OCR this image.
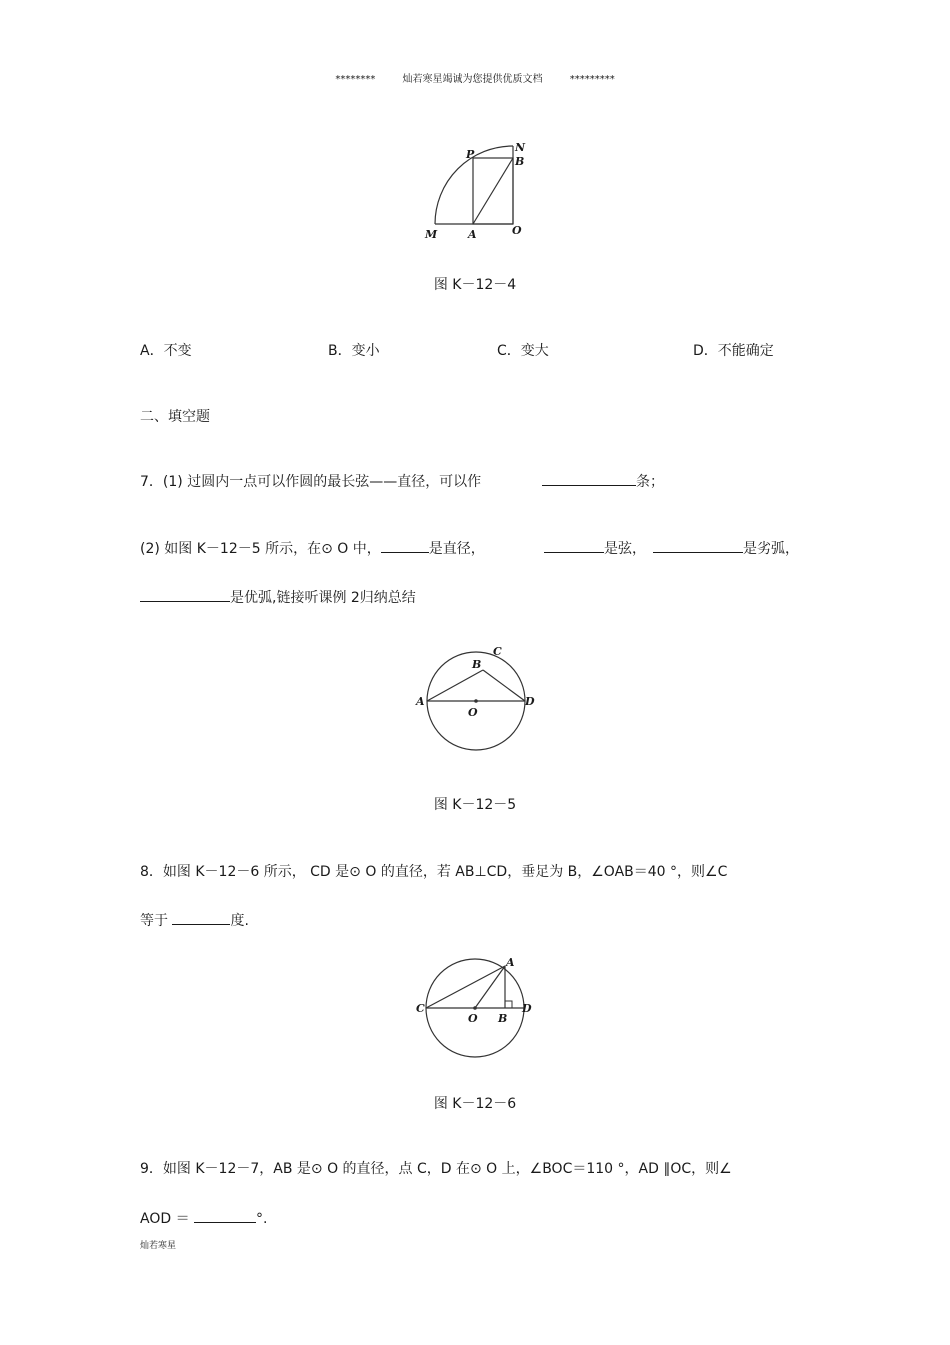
********	灿若寒星竭诚为您提供优质文档	*********
P
N
B
M	A	O
图 K－12－4
A．不变	B．变小	C．变大	D．不能确定
二、填空题
7．(1) 过圆内一点可以作圆的最长弦——直径，可以作	条；
(2) 如图 K－12－5 所示，在⊙ O 中，	是直径，	是弦，	是劣弧，
是优弧,链接听课例 2归纳总结
B
C
A
O
D
图 K－12－5
8．如图 K－12－6 所示， CD 是⊙ O 的直径，若 AB⊥CD，垂足为 B，∠OAB＝40 °，则∠C
等于	度.
A
C
O B
D
图 K－12－6
9．如图 K－12－7，AB 是⊙ O 的直径，点 C，D 在⊙ O 上，∠BOC＝110 °，AD ∥OC，则∠
AOD ＝	°.
灿若寒星
